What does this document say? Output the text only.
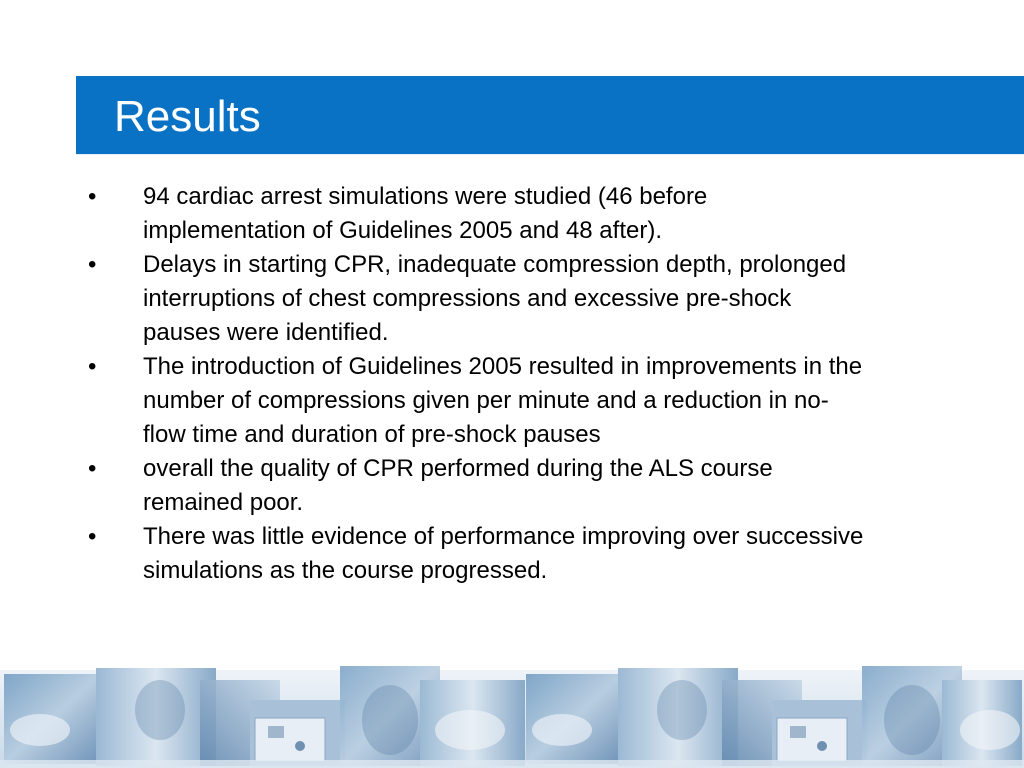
Results
•	94 cardiac arrest simulations were studied (46 before implementation of Guidelines 2005 and 48 after).
•	Delays in starting CPR, inadequate compression depth, prolonged interruptions of chest compressions and excessive pre-shock pauses were identified.
•	The introduction of Guidelines 2005 resulted in improvements in the number of compressions given per minute and a reduction in no-flow time and duration of pre-shock pauses
•	overall the quality of CPR performed during the ALS course remained poor.
•	There was little evidence of performance improving over successive simulations as the course progressed.
